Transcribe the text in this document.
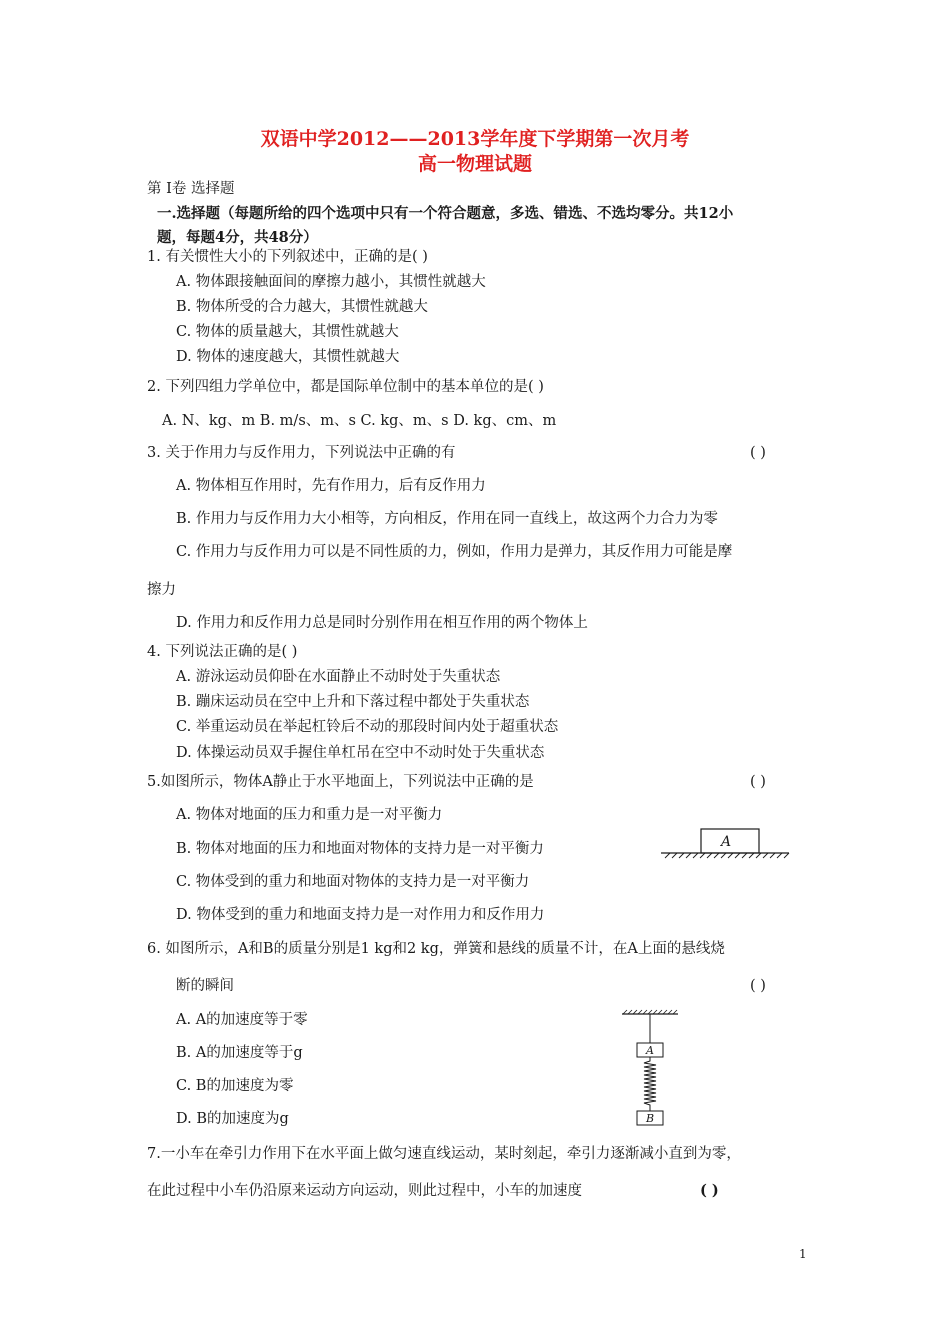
双语中学2012——2013学年度下学期第一次月考
高一物理试题
第 I卷 选择题
一.选择题（每题所给的四个选项中只有一个符合题意，多选、错选、不选均零分。共12小
题，每题4分，共48分）
1. 有关惯性大小的下列叙述中，正确的是( )
A. 物体跟接触面间的摩擦力越小，其惯性就越大
B. 物体所受的合力越大，其惯性就越大
C. 物体的质量越大，其惯性就越大
D. 物体的速度越大，其惯性就越大
2. 下列四组力学单位中，都是国际单位制中的基本单位的是( )
A. N、kg、m B. m/s、m、s C. kg、m、s D. kg、cm、m
3. 关于作用力与反作用力，下列说法中正确的有	( )
A. 物体相互作用时，先有作用力，后有反作用力
B. 作用力与反作用力大小相等，方向相反，作用在同一直线上，故这两个力合力为零
C. 作用力与反作用力可以是不同性质的力，例如，作用力是弹力，其反作用力可能是摩
擦力
D. 作用力和反作用力总是同时分别作用在相互作用的两个物体上
4. 下列说法正确的是( )
A. 游泳运动员仰卧在水面静止不动时处于失重状态
B. 蹦床运动员在空中上升和下落过程中都处于失重状态
C. 举重运动员在举起杠铃后不动的那段时间内处于超重状态
D. 体操运动员双手握住单杠吊在空中不动时处于失重状态
5.如图所示，物体A静止于水平地面上，下列说法中正确的是	( )
A. 物体对地面的压力和重力是一对平衡力
B. 物体对地面的压力和地面对物体的支持力是一对平衡力
C. 物体受到的重力和地面对物体的支持力是一对平衡力
D. 物体受到的重力和地面支持力是一对作用力和反作用力
A
6. 如图所示，A和B的质量分别是1 kg和2 kg，弹簧和悬线的质量不计，在A上面的悬线烧
断的瞬间	( )
A. A的加速度等于零
B. A的加速度等于g
C. B的加速度为零
D. B的加速度为g
A
B
7.一小车在牵引力作用下在水平面上做匀速直线运动，某时刻起，牵引力逐渐减小直到为零，
在此过程中小车仍沿原来运动方向运动，则此过程中，小车的加速度	( )
1
